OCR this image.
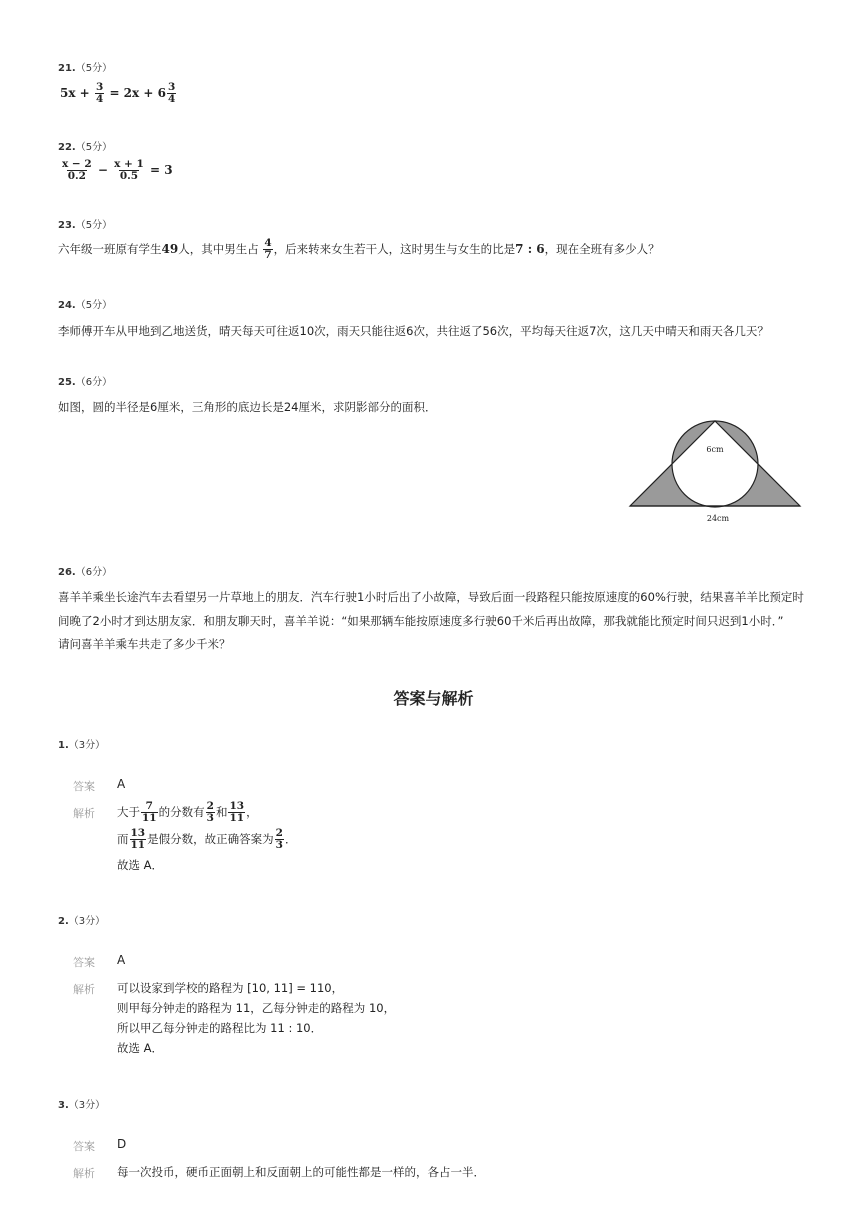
21.（5分）
$5x + \frac{3}{4} = 2x + 6 \frac{3}{4}$
22.（5分）
$\frac{x - 2}{0.2} - \frac{x + 1}{0.5} = 3$
23.（5分）
六年级一班原有学生49人，其中男生占 $\frac{4}{7}$ ，后来转来女生若干人，这时男生与女生的比是7 : 6，现在全班有多少人？
24.（5分）
李师傅开车从甲地到乙地送货，晴天每天可往返10次，雨天只能往返6次，共往返了56次，平均每天往返7次，这几天中晴天和雨天各几天？
25.（6分）
如图，圆的半径是6厘米，三角形的底边长是24厘米，求阴影部分的面积．
6cm
24cm
26.（6分）
喜羊羊乘坐长途汽车去看望另一片草地上的朋友．汽车行驶1小时后出了小故障，导致后面一段路程只能按原速度的60%行驶，结果喜羊羊比预定时
间晚了2小时才到达朋友家．和朋友聊天时，喜羊羊说：“如果那辆车能按原速度多行驶60千米后再出故障，那我就能比预定时间只迟到1小时．”
请问喜羊羊乘车共走了多少千米？
答案与解析
1.（3分）
答案 A
解析 大于 $\frac{7}{11}$ 的分数有 $\frac{2}{3}$ 和 $\frac{13}{11}$ ，
而 $\frac{13}{11}$ 是假分数，故正确答案为 $\frac{2}{3}$ ．
故选 A．
2.（3分）
答案 A
解析 可以设家到学校的路程为 [10, 11] = 110，
则甲每分钟走的路程为 11，乙每分钟走的路程为 10，
所以甲乙每分钟走的路程比为 11 : 10．
故选 A．
3.（3分）
答案 D
解析 每一次投币，硬币正面朝上和反面朝上的可能性都是一样的，各占一半．
